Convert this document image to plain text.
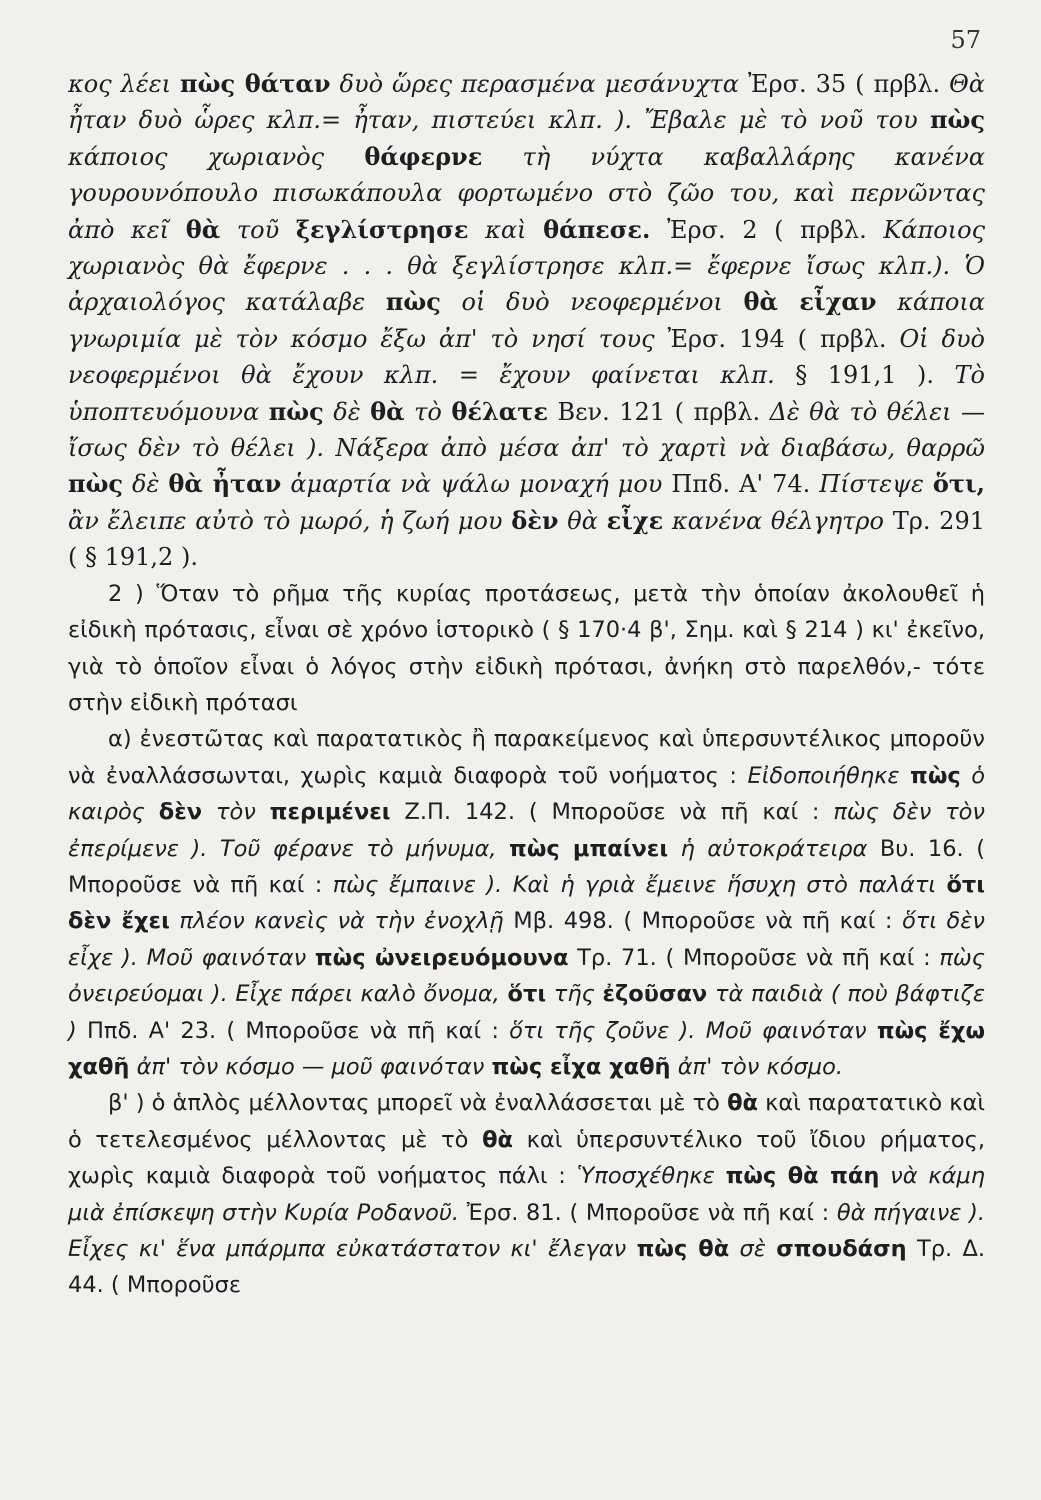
57

κος λέει πὼς θάταν δυὸ ὥρες περασμένα μεσάνυχτα Ἐρσ. 35 ( πρβλ. Θὰ ἦταν δυὸ ὧρες κλπ.= ἦταν, πιστεύει κλπ. ). Ἔβαλε μὲ τὸ νοῦ του πὼς κάποιος χωριανὸς θάφερνε τὴ νύχτα καβαλλάρης κανένα γουρουνόπουλο πισωκάπουλα φορτωμένο στὸ ζῶο του, καὶ περνῶντας ἀπὸ κεῖ θὰ τοῦ ξεγλίστρησε καὶ θάπεσε. Ἐρσ. 2 ( πρβλ. Κάποιος χωριανὸς θὰ ἔφερνε . . . θὰ ξεγλίστρησε κλπ.= ἔφερνε ἴσως κλπ.). Ὁ ἀρχαιολόγος κατάλαβε πὼς οἱ δυὸ νεοφερμένοι θὰ εἶχαν κάποια γνωριμία μὲ τὸν κόσμο ἔξω ἀπ' τὸ νησί τους Ἐρσ. 194 ( πρβλ. Οἱ δυὸ νεοφερμένοι θὰ ἔχουν κλπ. = ἔχουν φαίνεται κλπ. § 191,1 ). Τὸ ὑποπτευόμουνα πὼς δὲ θὰ τὸ θέλατε Βεν. 121 ( πρβλ. Δὲ θὰ τὸ θέλει — ἴσως δὲν τὸ θέλει ). Νάξερα ἀπὸ μέσα ἀπ' τὸ χαρτὶ νὰ διαβάσω, θαρρῶ πὼς δὲ θὰ ἦταν ἁμαρτία νὰ ψάλω μοναχή μου Ππδ. Α' 74. Πίστεψε ὅτι, ἂν ἔλειπε αὐτὸ τὸ μωρό, ἡ ζωή μου δὲν θὰ εἶχε κανένα θέλγητρο Τρ. 291 ( § 191,2 ).

2 ) Ὅταν τὸ ρῆμα τῆς κυρίας προτάσεως, μετὰ τὴν ὁποίαν ἀκολουθεῖ ἡ εἰδικὴ πρότασις, εἶναι σὲ χρόνο ἱστορικὸ ( § 170·4 β', Σημ. καὶ § 214 ) κι' ἐκεῖνο, γιὰ τὸ ὁποῖον εἶναι ὁ λόγος στὴν εἰδικὴ πρότασι, ἀνήκη στὸ παρελθόν,- τότε στὴν εἰδικὴ πρότασι

α) ἐνεστῶτας καὶ παρατατικὸς ἢ παρακείμενος καὶ ὑπερσυντέλικος μποροῦν νὰ ἐναλλάσσωνται, χωρὶς καμιὰ διαφορὰ τοῦ νοήματος : Εἰδοποιήθηκε πὼς ὁ καιρὸς δὲν τὸν περιμένει Ζ.Π. 142. ( Μποροῦσε νὰ πῆ καί : πὼς δὲν τὸν ἐπερίμενε ). Τοῦ φέρανε τὸ μήνυμα, πὼς μπαίνει ἡ αὐτοκράτειρα Βυ. 16. ( Μποροῦσε νὰ πῆ καί : πὼς ἔμπαινε ). Καὶ ἡ γριὰ ἔμεινε ἥσυχη στὸ παλάτι ὅτι δὲν ἔχει πλέον κανεὶς νὰ τὴν ἐνοχλῇ Μβ. 498. ( Μποροῦσε νὰ πῆ καί : ὅτι δὲν εἶχε ). Μοῦ φαινόταν πὼς ὠνειρευόμουνα Τρ. 71. ( Μποροῦσε νὰ πῆ καί : πὼς ὀνειρεύομαι ). Εἶχε πάρει καλὸ ὄνομα, ὅτι τῆς ἐζοῦσαν τὰ παιδιὰ ( ποὺ βάφτιζε ) Ππδ. Α' 23. ( Μποροῦσε νὰ πῆ καί : ὅτι τῆς ζοῦνε ). Μοῦ φαινόταν πὼς ἔχω χαθῆ ἀπ' τὸν κόσμο — μοῦ φαινόταν πὼς εἶχα χαθῆ ἀπ' τὸν κόσμο.

β' ) ὁ ἁπλὸς μέλλοντας μπορεῖ νὰ ἐναλλάσσεται μὲ τὸ θὰ καὶ παρατατικὸ καὶ ὁ τετελεσμένος μέλλοντας μὲ τὸ θὰ καὶ ὑπερσυντέλικο τοῦ ἴδιου ρήματος, χωρὶς καμιὰ διαφορὰ τοῦ νοήματος πάλι : Ὑποσχέθηκε πὼς θὰ πάη νὰ κάμη μιὰ ἐπίσκεψη στὴν Κυρία Ροδανοῦ. Ἐρσ. 81. ( Μποροῦσε νὰ πῆ καί : θὰ πήγαινε ). Εἶχες κι' ἕνα μπάρμπα εὐκατάστατον κι' ἔλεγαν πὼς θὰ σὲ σπουδάση Τρ. Δ. 44. ( Μποροῦσε
